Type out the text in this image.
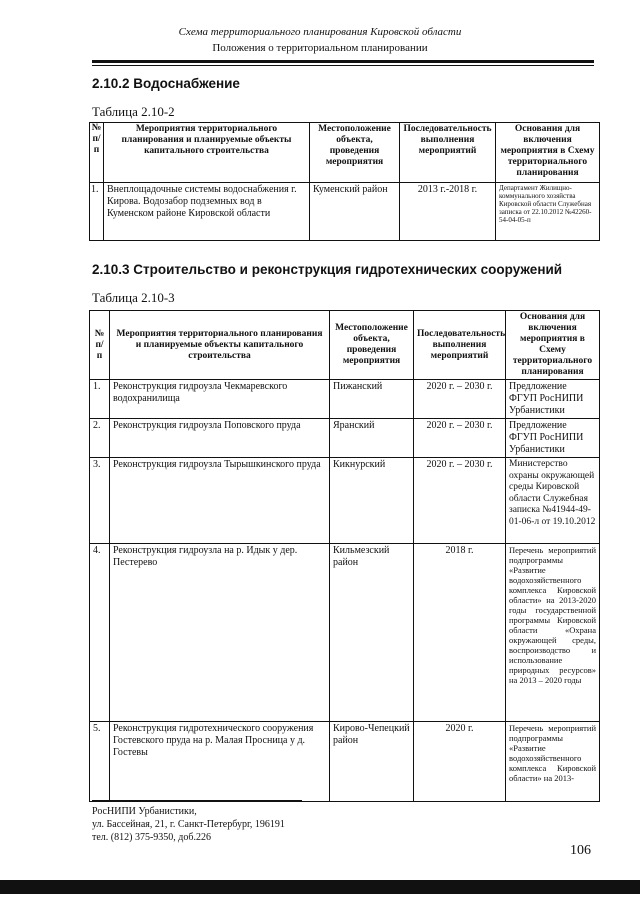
Схема территориального планирования Кировской области
Положения о территориальном планировании
2.10.2 Водоснабжение
Таблица 2.10-2
№ п/п	Мероприятия территориального планирования и планируемые объекты капитального строительства	Местоположение объекта, проведения мероприятия	Последовательность выполнения мероприятий	Основания для включения мероприятия в Схему территориального планирования
1.	Внеплощадочные системы водоснабжения г. Кирова. Водозабор подземных вод в Куменском районе Кировской области	Куменский район	2013 г.-2018 г.	Департамент Жилищно-коммунального хозяйства Кировской области Служебная записка от 22.10.2012 №42260-54-04-05-п
2.10.3 Строительство и реконструкция гидротехнических сооружений
Таблица 2.10-3
№ п/п	Мероприятия территориального планирования и планируемые объекты капитального строительства	Местоположение объекта, проведения мероприятия	Последовательность выполнения мероприятий	Основания для включения мероприятия в Схему территориального планирования
1.	Реконструкция гидроузла Чекмаревского водохранилища	Пижанский	2020 г. – 2030 г.	Предложение ФГУП РосНИПИ Урбанистики
2.	Реконструкция гидроузла Поповского пруда	Яранский	2020 г. – 2030 г.	Предложение ФГУП РосНИПИ Урбанистики
3.	Реконструкция гидроузла Тырышкинского пруда	Кикнурский	2020 г. – 2030 г.	Министерство охраны окружающей среды Кировской области Служебная записка №41944-49-01-06-л от 19.10.2012
4.	Реконструкция гидроузла на р. Идык у дер. Пестерево	Кильмезский район	2018 г.	Перечень мероприятий подпрограммы «Развитие водохозяйственного комплекса Кировской области» на 2013-2020 годы государственной программы Кировской области «Охрана окружающей среды, воспроизводство и использование природных ресурсов» на 2013 – 2020 годы
5.	Реконструкция гидротехнического сооружения Гостевского пруда на р. Малая Просница у д. Гостевы	Кирово-Чепецкий район	2020 г.	Перечень мероприятий подпрограммы «Развитие водохозяйственного комплекса Кировской области» на 2013-
РосНИПИ Урбанистики,
ул. Бассейная, 21, г. Санкт-Петербург, 196191
тел. (812) 375-9350, доб.226
106
